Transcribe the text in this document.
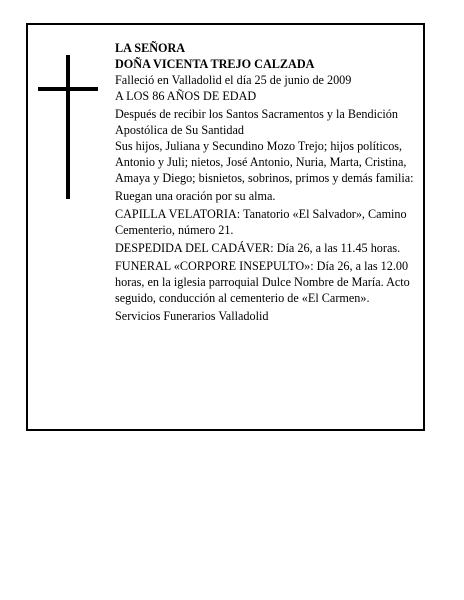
LA SEÑORA

DOÑA VICENTA TREJO CALZADA

Falleció en Valladolid el día 25 de junio de 2009

A LOS 86 AÑOS DE EDAD

Después de recibir los Santos Sacramentos y la Bendición Apostólica de Su Santidad

Sus hijos, Juliana y Secundino Mozo Trejo; hijos políticos, Antonio y Juli; nietos, José Antonio, Nuria, Marta, Cristina, Amaya y Diego; bisnietos, sobrinos, primos y demás familia:

Ruegan una oración por su alma.

CAPILLA VELATORIA: Tanatorio «El Salvador», Camino Cementerio, número 21.

DESPEDIDA DEL CADÁVER: Día 26, a las 11.45 horas.

FUNERAL «CORPORE INSEPULTO»: Día 26, a las 12.00 horas, en la iglesia parroquial Dulce Nombre de María. Acto seguido, conducción al cementerio de «El Carmen».

Servicios Funerarios Valladolid
